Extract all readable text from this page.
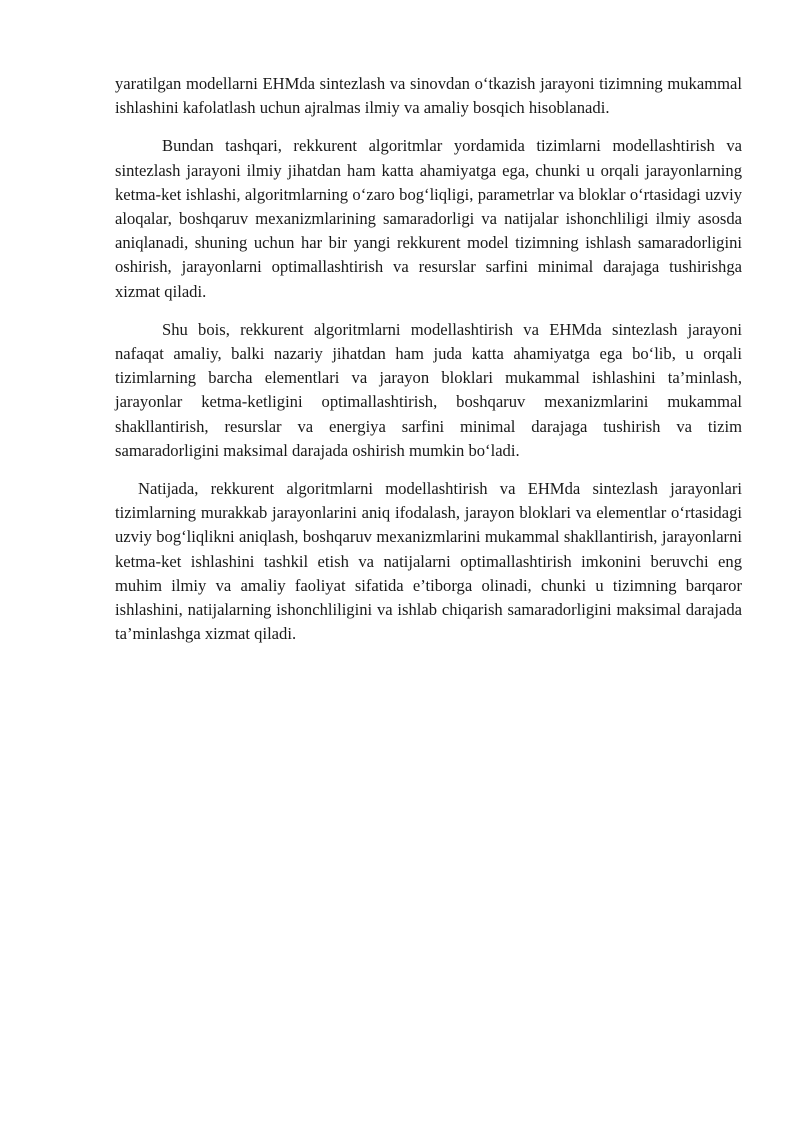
yaratilgan modellarni EHMda sintezlash va sinovdan o‘tkazish jarayoni tizimning mukammal ishlashini kafolatlash uchun ajralmas ilmiy va amaliy bosqich hisoblanadi.

Bundan tashqari, rekkurent algoritmlar yordamida tizimlarni modellashtirish va sintezlash jarayoni ilmiy jihatdan ham katta ahamiyatga ega, chunki u orqali jarayonlarning ketma-ket ishlashi, algoritmlarning o‘zaro bog‘liqligi, parametrlar va bloklar o‘rtasidagi uzviy aloqalar, boshqaruv mexanizmlarining samaradorligi va natijalar ishonchliligi ilmiy asosda aniqlanadi, shuning uchun har bir yangi rekkurent model tizimning ishlash samaradorligini oshirish, jarayonlarni optimallashtirish va resurslar sarfini minimal darajaga tushirishga xizmat qiladi.

Shu bois, rekkurent algoritmlarni modellashtirish va EHMda sintezlash jarayoni nafaqat amaliy, balki nazariy jihatdan ham juda katta ahamiyatga ega bo‘lib, u orqali tizimlarning barcha elementlari va jarayon bloklari mukammal ishlashini ta’minlash, jarayonlar ketma-ketligini optimallashtirish, boshqaruv mexanizmlarini mukammal shakllantirish, resurslar va energiya sarfini minimal darajaga tushirish va tizim samaradorligini maksimal darajada oshirish mumkin bo‘ladi.

Natijada, rekkurent algoritmlarni modellashtirish va EHMda sintezlash jarayonlari tizimlarning murakkab jarayonlarini aniq ifodalash, jarayon bloklari va elementlar o‘rtasidagi uzviy bog‘liqlikni aniqlash, boshqaruv mexanizmlarini mukammal shakllantirish, jarayonlarni ketma-ket ishlashini tashkil etish va natijalarni optimallashtirish imkonini beruvchi eng muhim ilmiy va amaliy faoliyat sifatida e’tiborga olinadi, chunki u tizimning barqaror ishlashini, natijalarning ishonchliligini va ishlab chiqarish samaradorligini maksimal darajada ta’minlashga xizmat qiladi.
